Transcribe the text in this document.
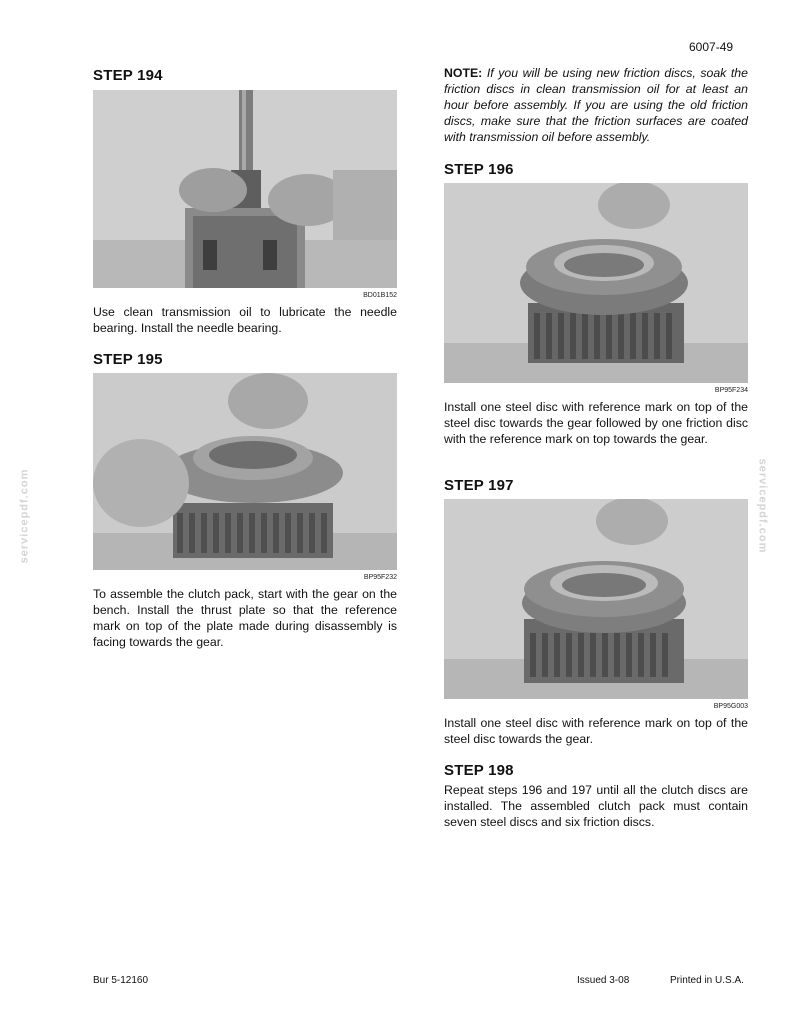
6007-49
STEP 194
BD01B152
Use clean transmission oil to lubricate the needle bearing. Install the needle bearing.
STEP 195
BP95F232
To assemble the clutch pack, start with the gear on the bench. Install the thrust plate so that the reference mark on top of the plate made during disassembly is facing towards the gear.
NOTE: If you will be using new friction discs, soak the friction discs in clean transmission oil for at least an hour before assembly. If you are using the old friction discs, make sure that the friction surfaces are coated with transmission oil before assembly.
STEP 196
BP95F234
Install one steel disc with reference mark on top of the steel disc towards the gear followed by one friction disc with the reference mark on top towards the gear.
STEP 197
BP95G003
Install one steel disc with reference mark on top of the steel disc towards the gear.
STEP 198
Repeat steps 196 and 197 until all the clutch discs are installed. The assembled clutch pack must contain seven steel discs and six friction discs.
servicepdf.com	servicepdf.com
Bur 5-12160	Issued 3-08	Printed in U.S.A.
